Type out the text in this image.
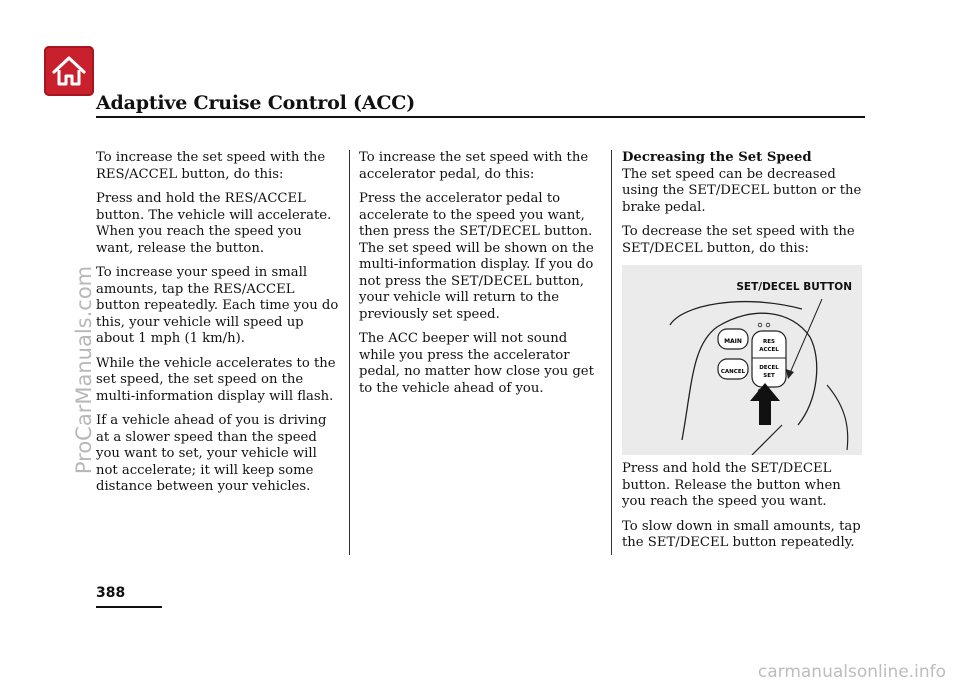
Adaptive Cruise Control (ACC)

To increase the set speed with the RES/ACCEL button, do this:

Press and hold the RES/ACCEL button. The vehicle will accelerate. When you reach the speed you want, release the button.

To increase your speed in small amounts, tap the RES/ACCEL button repeatedly. Each time you do this, your vehicle will speed up about 1 mph (1 km/h).

While the vehicle accelerates to the set speed, the set speed on the multi-information display will flash.

If a vehicle ahead of you is driving at a slower speed than the speed you want to set, your vehicle will not accelerate; it will keep some distance between your vehicles.

To increase the set speed with the accelerator pedal, do this:

Press the accelerator pedal to accelerate to the speed you want, then press the SET/DECEL button. The set speed will be shown on the multi-information display. If you do not press the SET/DECEL button, your vehicle will return to the previously set speed.

The ACC beeper will not sound while you press the accelerator pedal, no matter how close you get to the vehicle ahead of you.

Decreasing the Set Speed
The set speed can be decreased using the SET/DECEL button or the brake pedal.

To decrease the set speed with the SET/DECEL button, do this:

MAIN
CANCEL
RES
ACCEL
DECEL
SET
SET/DECEL BUTTON

Press and hold the SET/DECEL button. Release the button when you reach the speed you want.

To slow down in small amounts, tap the SET/DECEL button repeatedly.

388
ProCarManuals.com
carmanualsonline.info
